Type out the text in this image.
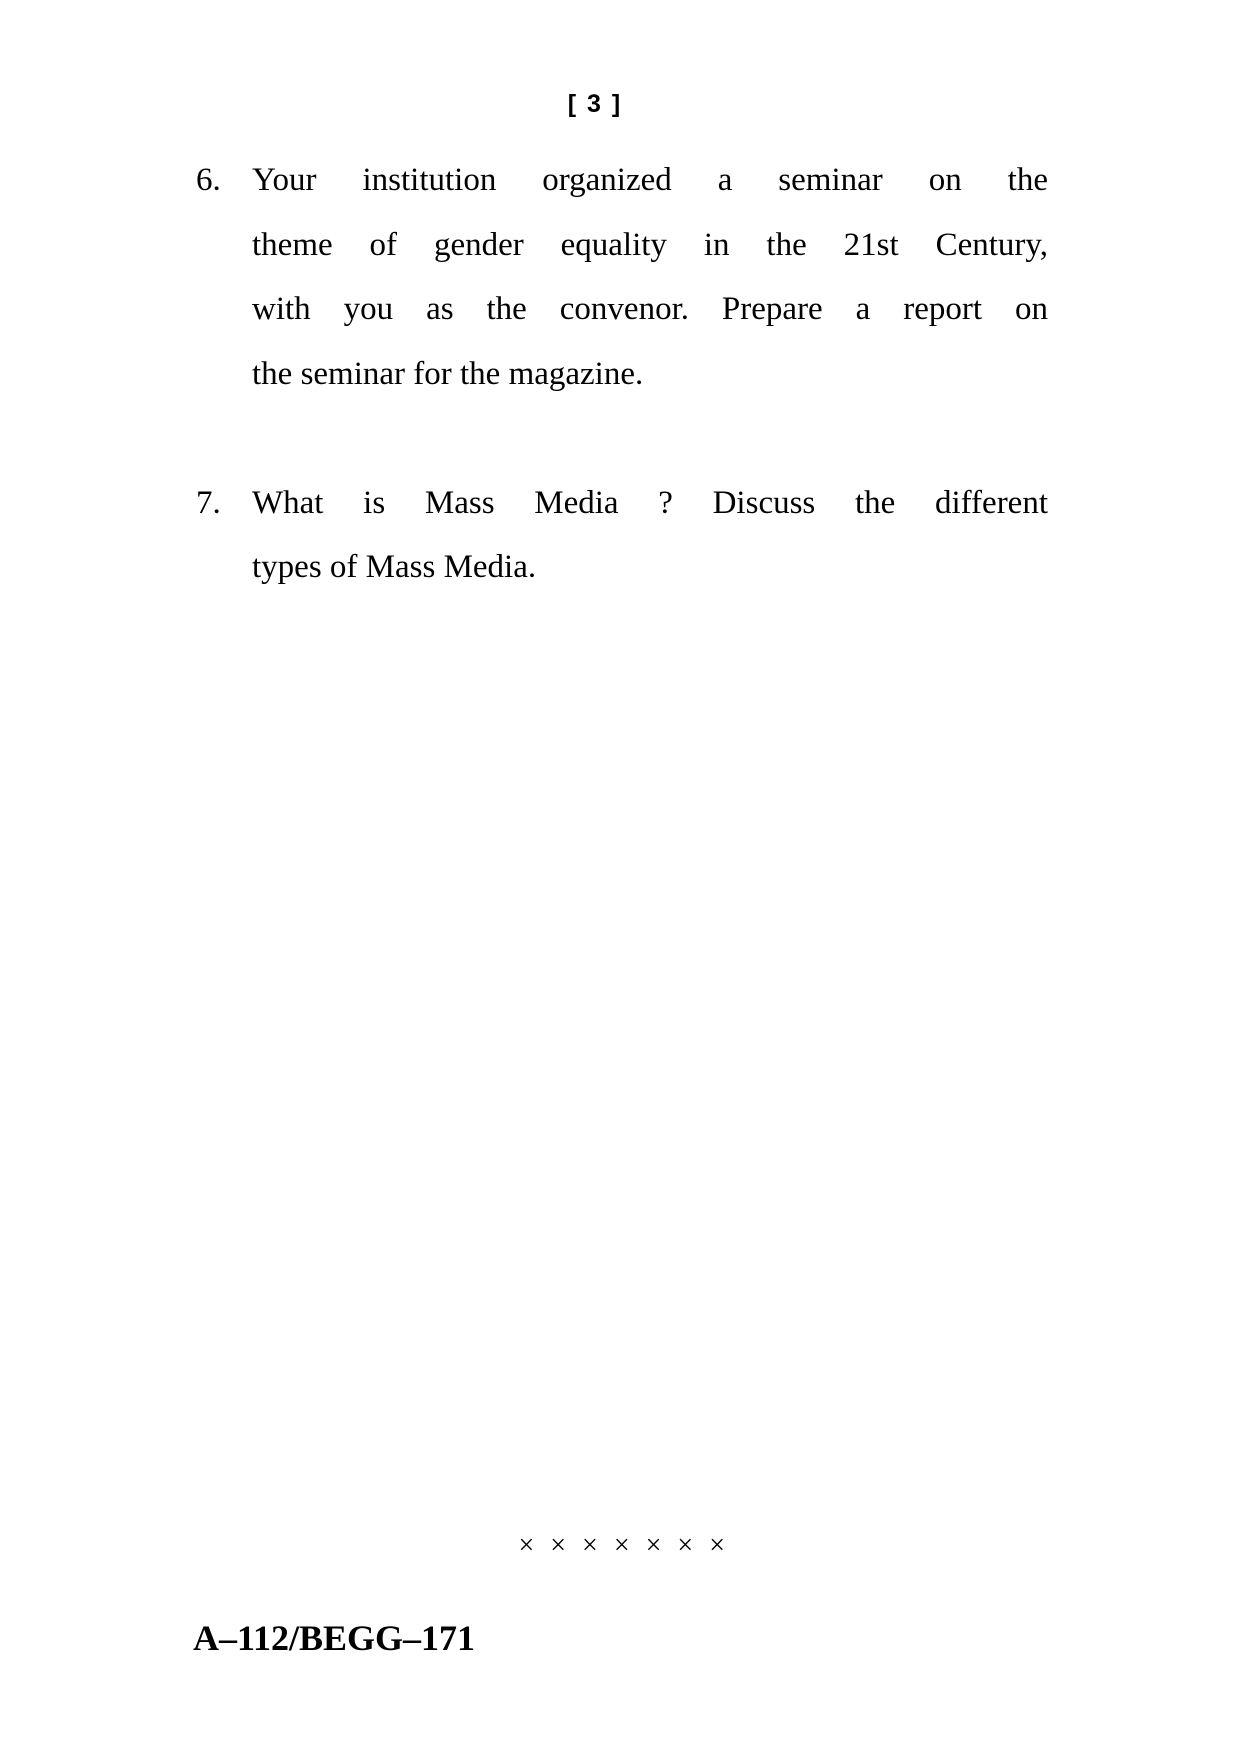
[ 3 ]
6. Your institution organized a seminar on the
theme of gender equality in the 21st Century,
with you as the convenor. Prepare a report on
the seminar for the magazine.
7. What is Mass Media ? Discuss the different
types of Mass Media.
× × × × × × ×
A–112/BEGG–171
